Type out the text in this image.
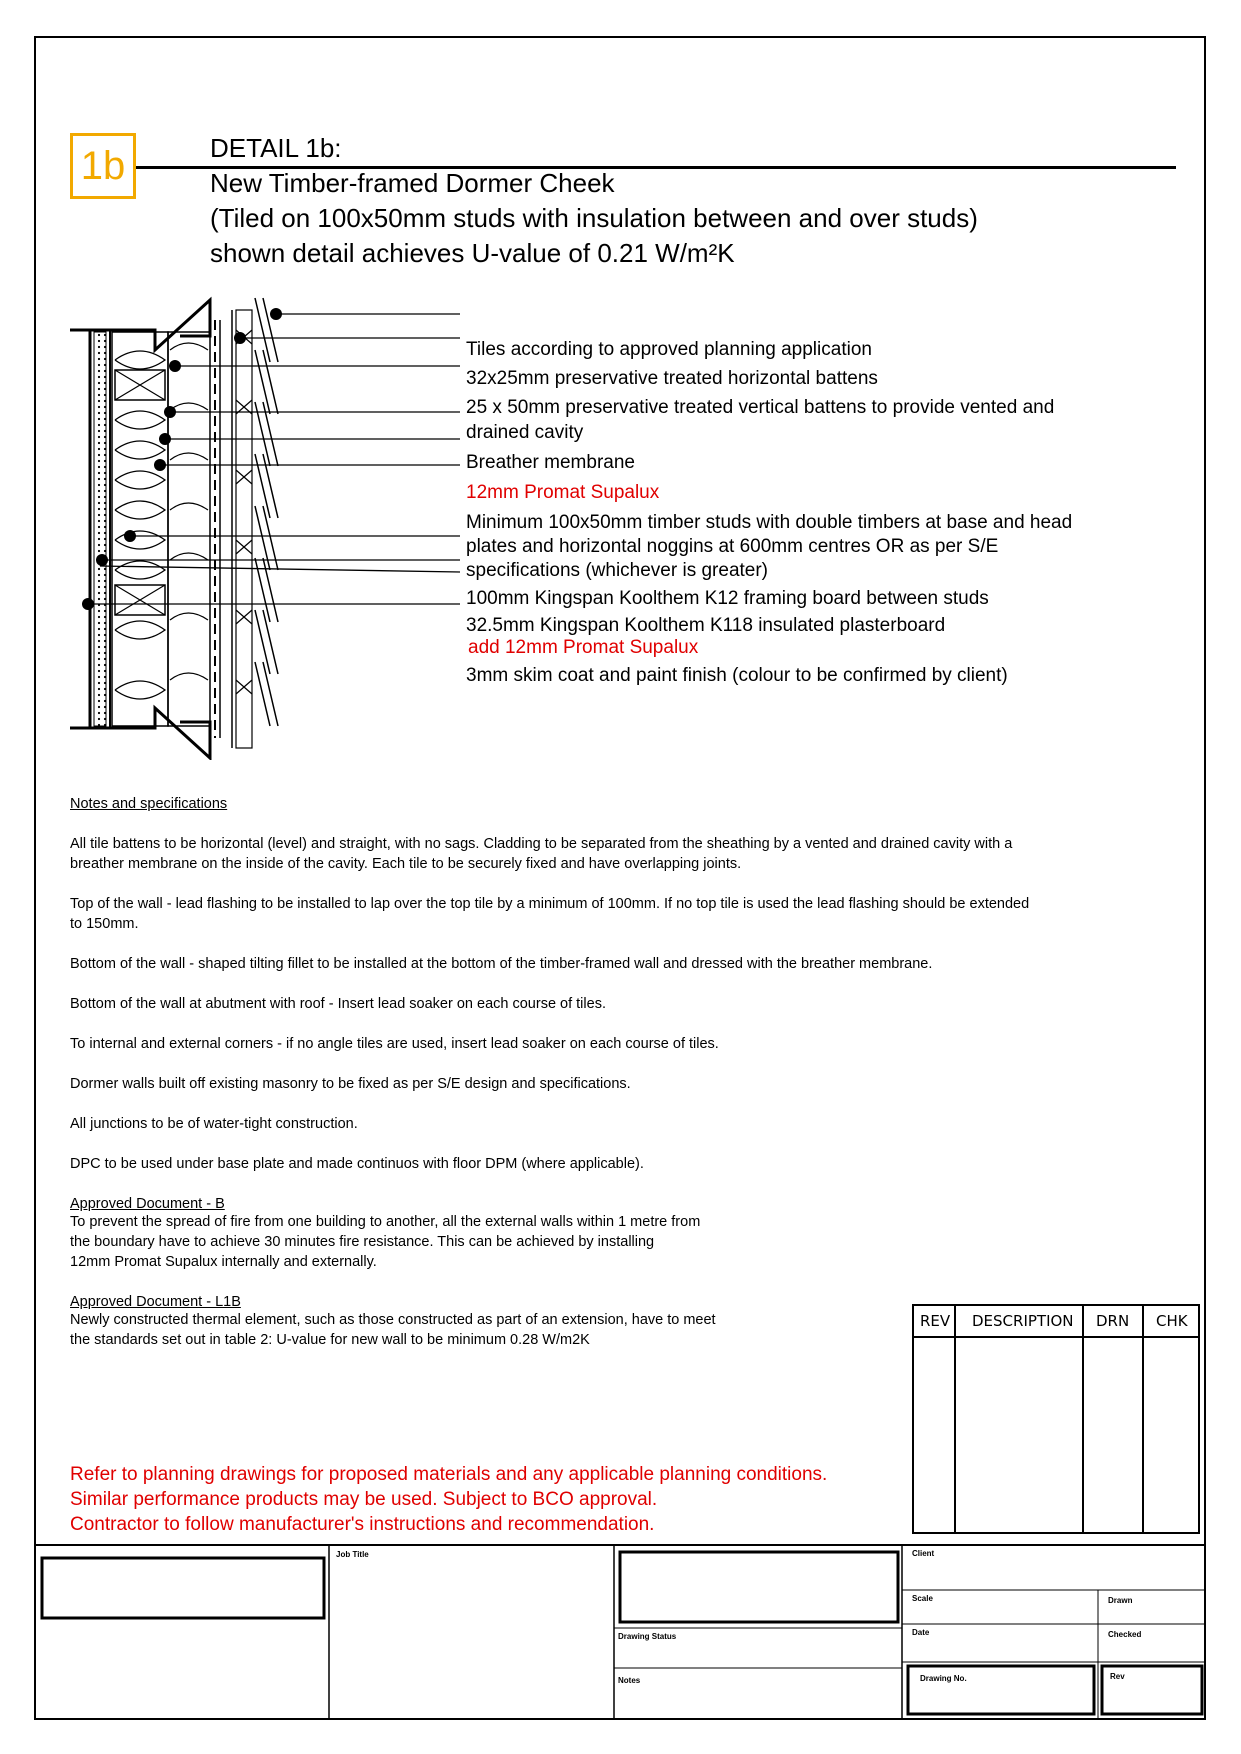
1b	DETAIL 1b:
New Timber-framed Dormer Cheek
(Tiled on 100x50mm studs with insulation between and over studs)
shown detail achieves U-value of 0.21 W/m²K
Tiles according to approved planning application
32x25mm preservative treated horizontal battens
25 x 50mm preservative treated vertical battens to provide vented and
drained cavity
Breather membrane
12mm Promat Supalux
Minimum 100x50mm timber studs with double timbers at base and head
plates and horizontal noggins at 600mm centres OR as per S/E
specifications (whichever is greater)
100mm Kingspan Koolthem K12 framing board between studs
32.5mm Kingspan Koolthem K118 insulated plasterboard
add 12mm Promat Supalux
3mm skim coat and paint finish (colour to be confirmed by client)
Notes and specifications
All tile battens to be horizontal (level) and straight, with no sags. Cladding to be separated from the sheathing by a vented and drained cavity with a
breather membrane on the inside of the cavity. Each tile to be securely fixed and have overlapping joints.
Top of the wall - lead flashing to be installed to lap over the top tile by a minimum of 100mm. If no top tile is used the lead flashing should be extended
to 150mm.
Bottom of the wall - shaped tilting fillet to be installed at the bottom of the timber-framed wall and dressed with the breather membrane.
Bottom of the wall at abutment with roof - Insert lead soaker on each course of tiles.
To internal and external corners - if no angle tiles are used, insert lead soaker on each course of tiles.
Dormer walls built off existing masonry to be fixed as per S/E design and specifications.
All junctions to be of water-tight construction.
DPC to be used under base plate and made continuos with floor DPM (where applicable).
Approved Document - B
To prevent the spread of fire from one building to another, all the external walls within 1 metre from
the boundary have to achieve 30 minutes fire resistance. This can be achieved by installing
12mm Promat Supalux internally and externally.
Approved Document - L1B
Newly constructed thermal element, such as those constructed as part of an extension, have to meet
the standards set out in table 2: U-value for new wall to be minimum 0.28 W/m2K
Refer to planning drawings for proposed materials and any applicable planning conditions.
Similar performance products may be used. Subject to BCO approval.
Contractor to follow manufacturer's instructions and recommendation.
REV DESCRIPTION DRN CHK
Job Title	Client
Scale	Drawn
Date	Checked
Drawing Status
Notes	Drawing No.	Rev
